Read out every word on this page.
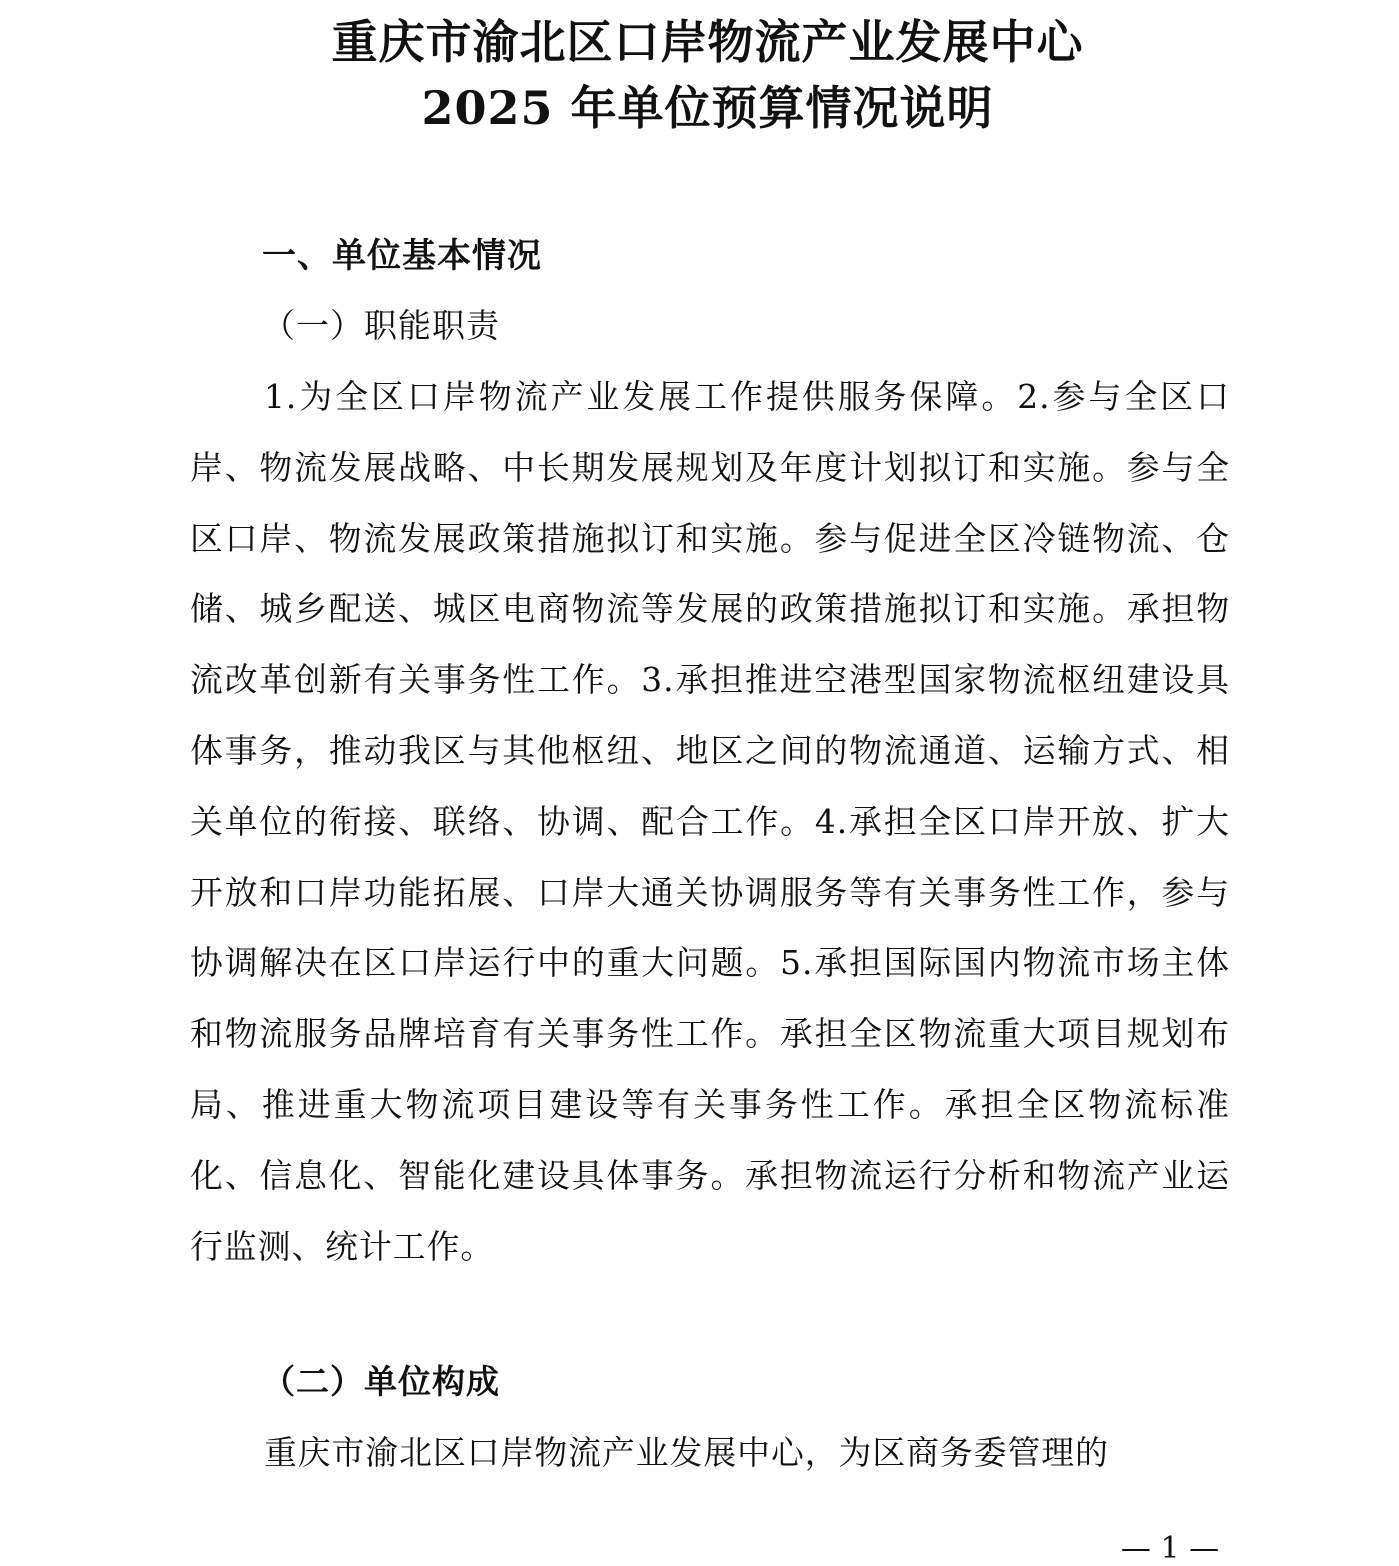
重庆市渝北区口岸物流产业发展中心
2025 年单位预算情况说明
一、单位基本情况
（一）职能职责

1.为全区口岸物流产业发展工作提供服务保障。2.参与全区口岸、物流发展战略、中长期发展规划及年度计划拟订和实施。参与全区口岸、物流发展政策措施拟订和实施。参与促进全区冷链物流、仓储、城乡配送、城区电商物流等发展的政策措施拟订和实施。承担物流改革创新有关事务性工作。3.承担推进空港型国家物流枢纽建设具体事务，推动我区与其他枢纽、地区之间的物流通道、运输方式、相关单位的衔接、联络、协调、配合工作。4.承担全区口岸开放、扩大开放和口岸功能拓展、口岸大通关协调服务等有关事务性工作，参与协调解决在区口岸运行中的重大问题。5.承担国际国内物流市场主体和物流服务品牌培育有关事务性工作。承担全区物流重大项目规划布局、推进重大物流项目建设等有关事务性工作。承担全区物流标准化、信息化、智能化建设具体事务。承担物流运行分析和物流产业运行监测、统计工作。

（二）单位构成

重庆市渝北区口岸物流产业发展中心，为区商务委管理的

— 1 —
